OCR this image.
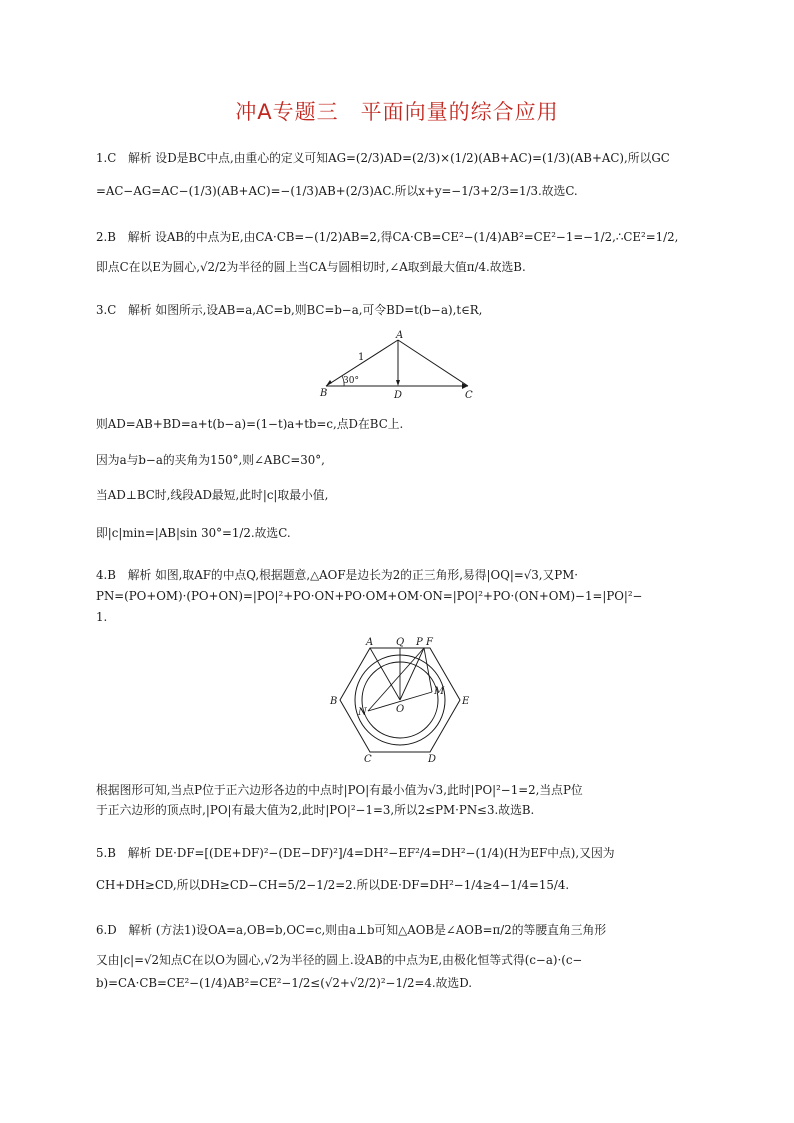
冲A专题三　平面向量的综合应用
1.C　解析 设D是BC中点,由重心的定义可知AG=(2/3)AD=(2/3)×(1/2)(AB+AC)=(1/3)(AB+AC),所以GC
=AC−AG=AC−(1/3)(AB+AC)=−(1/3)AB+(2/3)AC.所以x+y=−1/3+2/3=1/3.故选C.
2.B　解析 设AB的中点为E,由CA·CB=−(1/2)AB=2,得CA·CB=CE²−(1/4)AB²=CE²−1=−1/2,∴CE²=1/2,
即点C在以E为圆心,√2/2为半径的圆上当CA与圆相切时,∠A取到最大值π/4.故选B.
3.C　解析 如图所示,设AB=a,AC=b,则BC=b−a,可令BD=t(b−a),t∈R,
A
B	D	C
1
30°
则AD=AB+BD=a+t(b−a)=(1−t)a+tb=c,点D在BC上.
因为a与b−a的夹角为150°,则∠ABC=30°,
当AD⊥BC时,线段AD最短,此时|c|取最小值,
即|c|min=|AB|sin 30°=1/2.故选C.
4.B　解析 如图,取AF的中点Q,根据题意,△AOF是边长为2的正三角形,易得|OQ|=√3,又PM·
PN=(PO+OM)·(PO+ON)=|PO|²+PO·ON+PO·OM+OM·ON=|PO|²+PO·(ON+OM)−1=|PO|²−
1.
A Q P F
B
N	O
M
E
C	D
根据图形可知,当点P位于正六边形各边的中点时|PO|有最小值为√3,此时|PO|²−1=2,当点P位
于正六边形的顶点时,|PO|有最大值为2,此时|PO|²−1=3,所以2≤PM·PN≤3.故选B.
5.B　解析 DE·DF=[(DE+DF)²−(DE−DF)²]/4=DH²−EF²/4=DH²−(1/4)(H为EF中点),又因为
CH+DH≥CD,所以DH≥CD−CH=5/2−1/2=2.所以DE·DF=DH²−1/4≥4−1/4=15/4.
6.D　解析 (方法1)设OA=a,OB=b,OC=c,则由a⊥b可知△AOB是∠AOB=π/2的等腰直角三角形
又由|c|=√2知点C在以O为圆心,√2为半径的圆上.设AB的中点为E,由极化恒等式得(c−a)·(c−
b)=CA·CB=CE²−(1/4)AB²=CE²−1/2≤(√2+√2/2)²−1/2=4.故选D.
